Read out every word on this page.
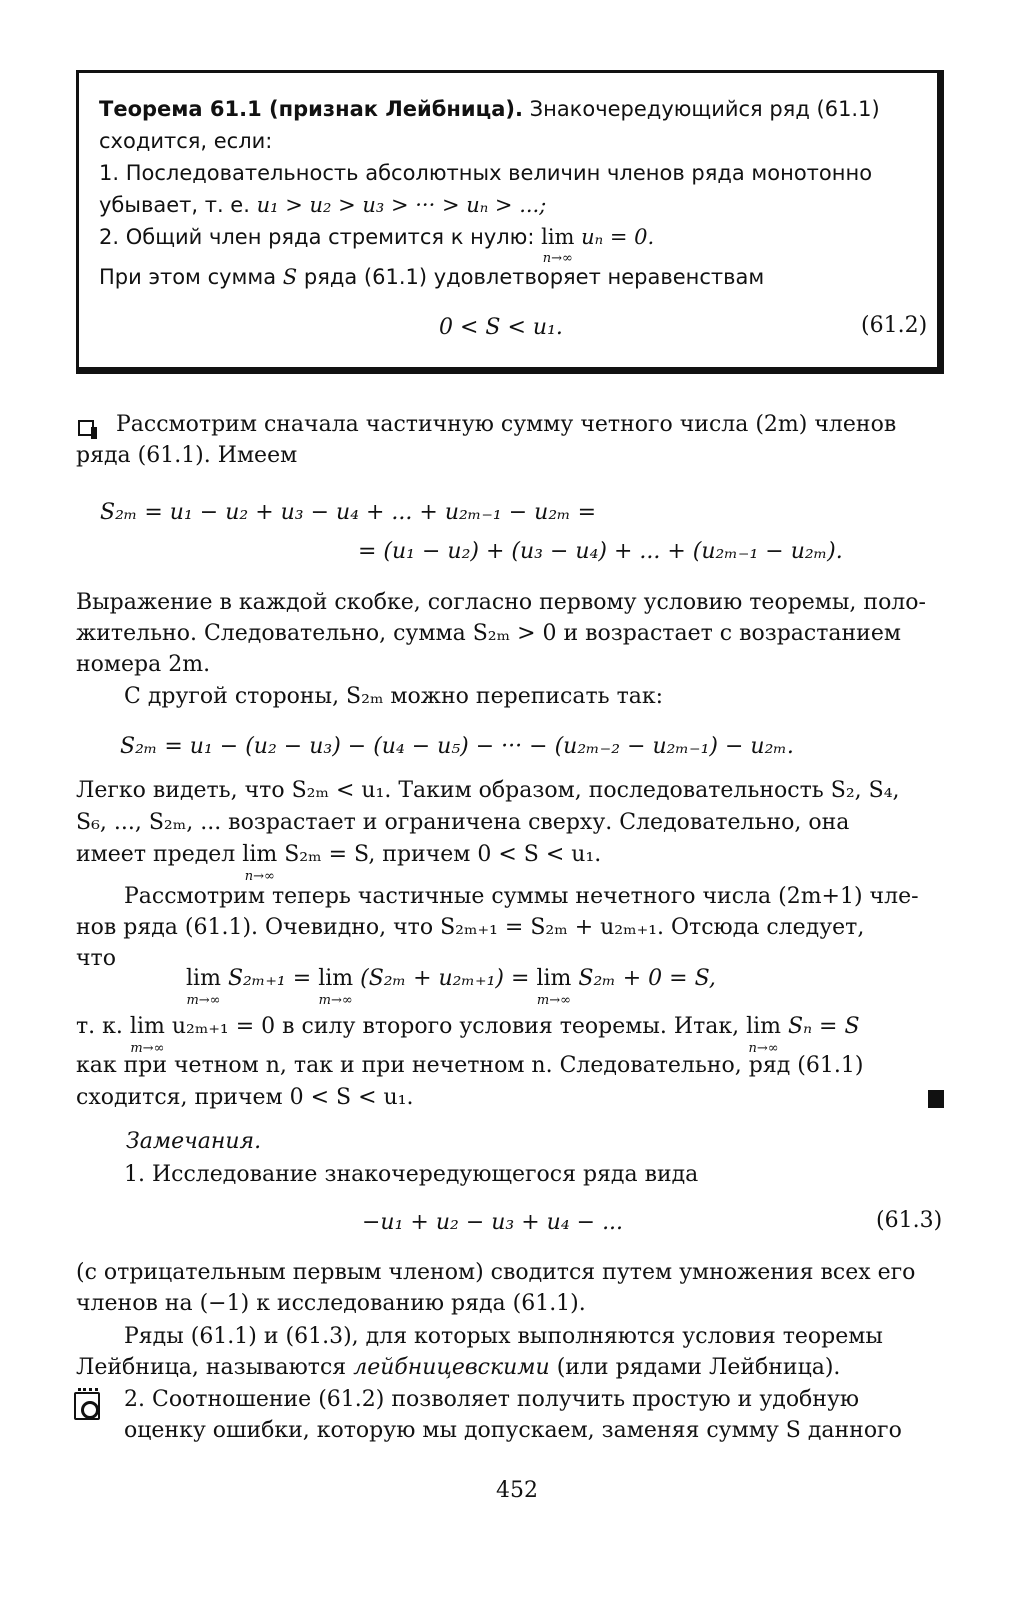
Теорема 61.1 (признак Лейбница). Знакочередующийся ряд (61.1)
сходится, если:
1. Последовательность абсолютных величин членов ряда монотонно
убывает, т. е. u₁ > u₂ > u₃ > ··· > uₙ > ...;
2. Общий член ряда стремится к нулю: lim
n→∞
uₙ = 0.
При этом сумма S ряда (61.1) удовлетворяет неравенствам
0 < S < u₁.	(61.2)
Рассмотрим сначала частичную сумму четного числа (2m) членов
ряда (61.1). Имеем
S₂ₘ = u₁ − u₂ + u₃ − u₄ + ... + u₂ₘ₋₁ − u₂ₘ =
= (u₁ − u₂) + (u₃ − u₄) + ... + (u₂ₘ₋₁ − u₂ₘ).
Выражение в каждой скобке, согласно первому условию теоремы, поло-
жительно. Следовательно, сумма S₂ₘ > 0 и возрастает с возрастанием
номера 2m.
С другой стороны, S₂ₘ можно переписать так:
S₂ₘ = u₁ − (u₂ − u₃) − (u₄ − u₅) − ··· − (u₂ₘ₋₂ − u₂ₘ₋₁) − u₂ₘ.
Легко видеть, что S₂ₘ < u₁. Таким образом, последовательность S₂, S₄,
S₆, ..., S₂ₘ, ... возрастает и ограничена сверху. Следовательно, она
имеет предел lim
n→∞
S₂ₘ = S, причем 0 < S < u₁.
Рассмотрим теперь частичные суммы нечетного числа (2m+1) чле-
нов ряда (61.1). Очевидно, что S₂ₘ₊₁ = S₂ₘ + u₂ₘ₊₁. Отсюда следует,
что
lim
m→∞
S₂ₘ₊₁ = lim
m→∞
(S₂ₘ + u₂ₘ₊₁) = lim
m→∞
S₂ₘ + 0 = S,
т. к. lim
m→∞
u₂ₘ₊₁ = 0 в силу второго условия теоремы. Итак, lim
n→∞
Sₙ = S
как при четном n, так и при нечетном n. Следовательно, ряд (61.1)
сходится, причем 0 < S < u₁.
Замечания.
1. Исследование знакочередующегося ряда вида
−u₁ + u₂ − u₃ + u₄ − ...	(61.3)
(с отрицательным первым членом) сводится путем умножения всех его
членов на (−1) к исследованию ряда (61.1).
Ряды (61.1) и (61.3), для которых выполняются условия теоремы
Лейбница, называются лейбницевскими (или рядами Лейбница).
2. Соотношение (61.2) позволяет получить простую и удобную
оценку ошибки, которую мы допускаем, заменяя сумму S данного
452
